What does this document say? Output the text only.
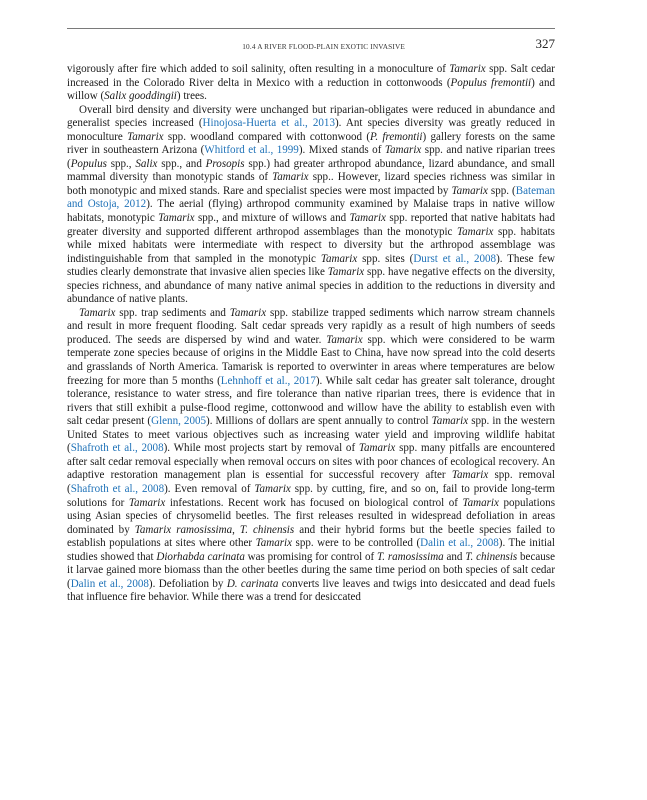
10.4 A RIVER FLOOD-PLAIN EXOTIC INVASIVE	327

vigorously after fire which added to soil salinity, often resulting in a monoculture of Tamarix spp. Salt cedar increased in the Colorado River delta in Mexico with a reduction in cottonwoods (Populus fremontii) and willow (Salix gooddingii) trees.

Overall bird density and diversity were unchanged but riparian-obligates were reduced in abundance and generalist species increased (Hinojosa-Huerta et al., 2013). Ant species diversity was greatly reduced in monoculture Tamarix spp. woodland compared with cottonwood (P. fremontii) gallery forests on the same river in southeastern Arizona (Whitford et al., 1999). Mixed stands of Tamarix spp. and native riparian trees (Populus spp., Salix spp., and Prosopis spp.) had greater arthropod abundance, lizard abundance, and small mammal diversity than monotypic stands of Tamarix spp.. However, lizard species richness was similar in both monotypic and mixed stands. Rare and specialist species were most impacted by Tamarix spp. (Bateman and Ostoja, 2012). The aerial (flying) arthropod community examined by Malaise traps in native willow habitats, monotypic Tamarix spp., and mixture of willows and Tamarix spp. reported that native habitats had greater diversity and supported different arthropod assemblages than the monotypic Tamarix spp. habitats while mixed habitats were intermediate with respect to diversity but the arthropod assemblage was indistinguishable from that sampled in the monotypic Tamarix spp. sites (Durst et al., 2008). These few studies clearly demonstrate that invasive alien species like Tamarix spp. have negative effects on the diversity, species richness, and abundance of many native animal species in addition to the reductions in diversity and abundance of native plants.

Tamarix spp. trap sediments and Tamarix spp. stabilize trapped sediments which narrow stream channels and result in more frequent flooding. Salt cedar spreads very rapidly as a result of high numbers of seeds produced. The seeds are dispersed by wind and water. Tamarix spp. which were considered to be warm temperate zone species because of origins in the Middle East to China, have now spread into the cold deserts and grasslands of North America. Tamarisk is reported to overwinter in areas where temperatures are below freezing for more than 5 months (Lehnhoff et al., 2017). While salt cedar has greater salt tolerance, drought tolerance, resistance to water stress, and fire tolerance than native riparian trees, there is evidence that in rivers that still exhibit a pulse-flood regime, cottonwood and willow have the ability to establish even with salt cedar present (Glenn, 2005). Millions of dollars are spent annually to control Tamarix spp. in the western United States to meet various objectives such as increasing water yield and improving wildlife habitat (Shafroth et al., 2008). While most projects start by removal of Tamarix spp. many pitfalls are encountered after salt cedar removal especially when removal occurs on sites with poor chances of ecological recovery. An adaptive restoration management plan is essential for successful recovery after Tamarix spp. removal (Shafroth et al., 2008). Even removal of Tamarix spp. by cutting, fire, and so on, fail to provide long-term solutions for Tamarix infestations. Recent work has focused on biological control of Tamarix populations using Asian species of chrysomelid beetles. The first releases resulted in widespread defoliation in areas dominated by Tamarix ramosissima, T. chinensis and their hybrid forms but the beetle species failed to establish populations at sites where other Tamarix spp. were to be controlled (Dalin et al., 2008). The initial studies showed that Diorhabda carinata was promising for control of T. ramosissima and T. chinensis because it larvae gained more biomass than the other beetles during the same time period on both species of salt cedar (Dalin et al., 2008). Defoliation by D. carinata converts live leaves and twigs into desiccated and dead fuels that influence fire behavior. While there was a trend for desiccated
